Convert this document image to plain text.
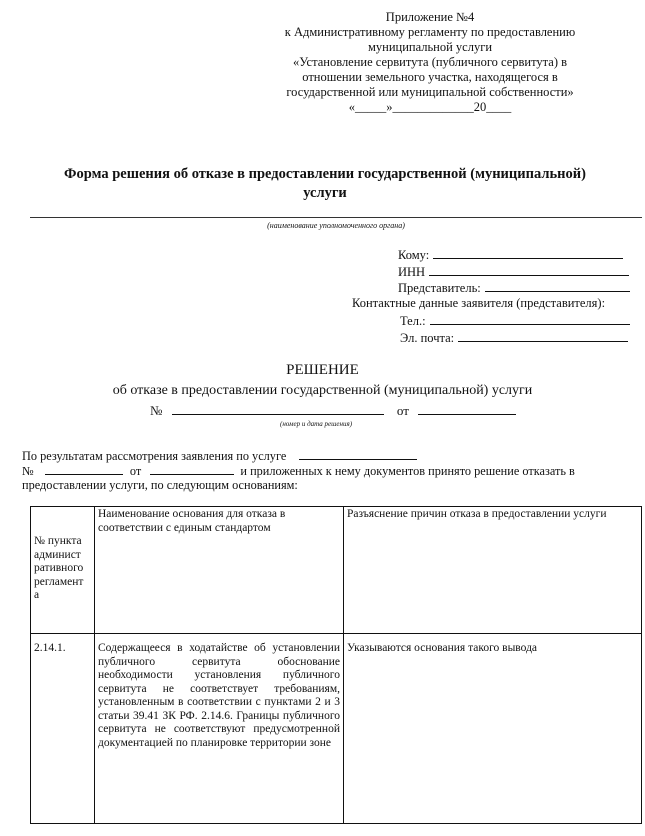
Приложение №4
к Административному регламенту по предоставлению
муниципальной услуги
«Установление сервитута (публичного сервитута) в
отношении земельного участка, находящегося в
государственной или муниципальной собственности»
«_____»_____________20____
Форма решения об отказе в предоставлении государственной (муниципальной)
услуги
(наименование уполномоченного органа)
Кому:
ИНН
Представитель:
Контактные данные заявителя (представителя):
Тел.:
Эл. почта:
РЕШЕНИЕ
об отказе в предоставлении государственной (муниципальной) услуги
№	от
(номер и дата решения)
По результатам рассмотрения заявления по услуге
№	от	и приложенных к нему документов принято решение отказать в
предоставлении услуги, по следующим основаниям:
№ пункта админист ративного регламент а	Наименование основания для отказа в соответствии с единым стандартом	Разъяснение причин отказа в предоставлении услуги
2.14.1.	Содержащееся в ходатайстве об установлении публичного сервитута обоснование необходимости установления публичного сервитута не соответствует требованиям, установленным в соответствии с пунктами 2 и 3 статьи 39.41 ЗК РФ. 2.14.6. Границы публичного сервитута не соответствуют предусмотренной документацией по планировке территории зоне	Указываются основания такого вывода
